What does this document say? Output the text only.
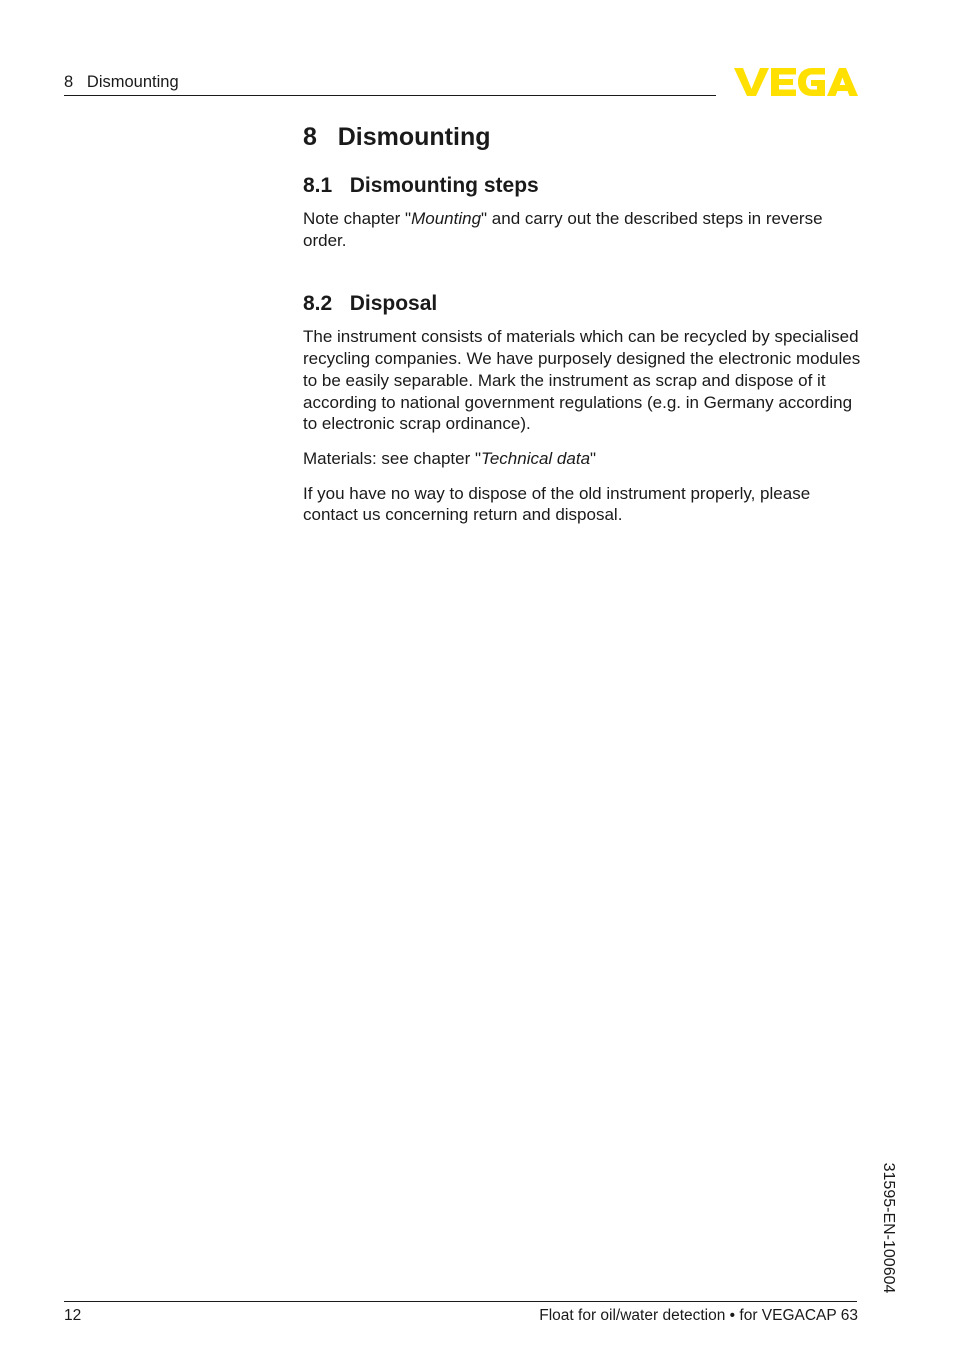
8   Dismounting
8   Dismounting
8.1   Dismounting steps

Note chapter "Mounting" and carry out the described steps in reverse order.

8.2   Disposal

The instrument consists of materials which can be recycled by specialised recycling companies. We have purposely designed the electronic modules to be easily separable. Mark the instrument as scrap and dispose of it according to national government regulations (e.g. in Germany according to electronic scrap ordinance).

Materials: see chapter "Technical data"

If you have no way to dispose of the old instrument properly, please contact us concerning return and disposal.

31595-EN-100604
12	Float for oil/water detection • for VEGACAP 63
